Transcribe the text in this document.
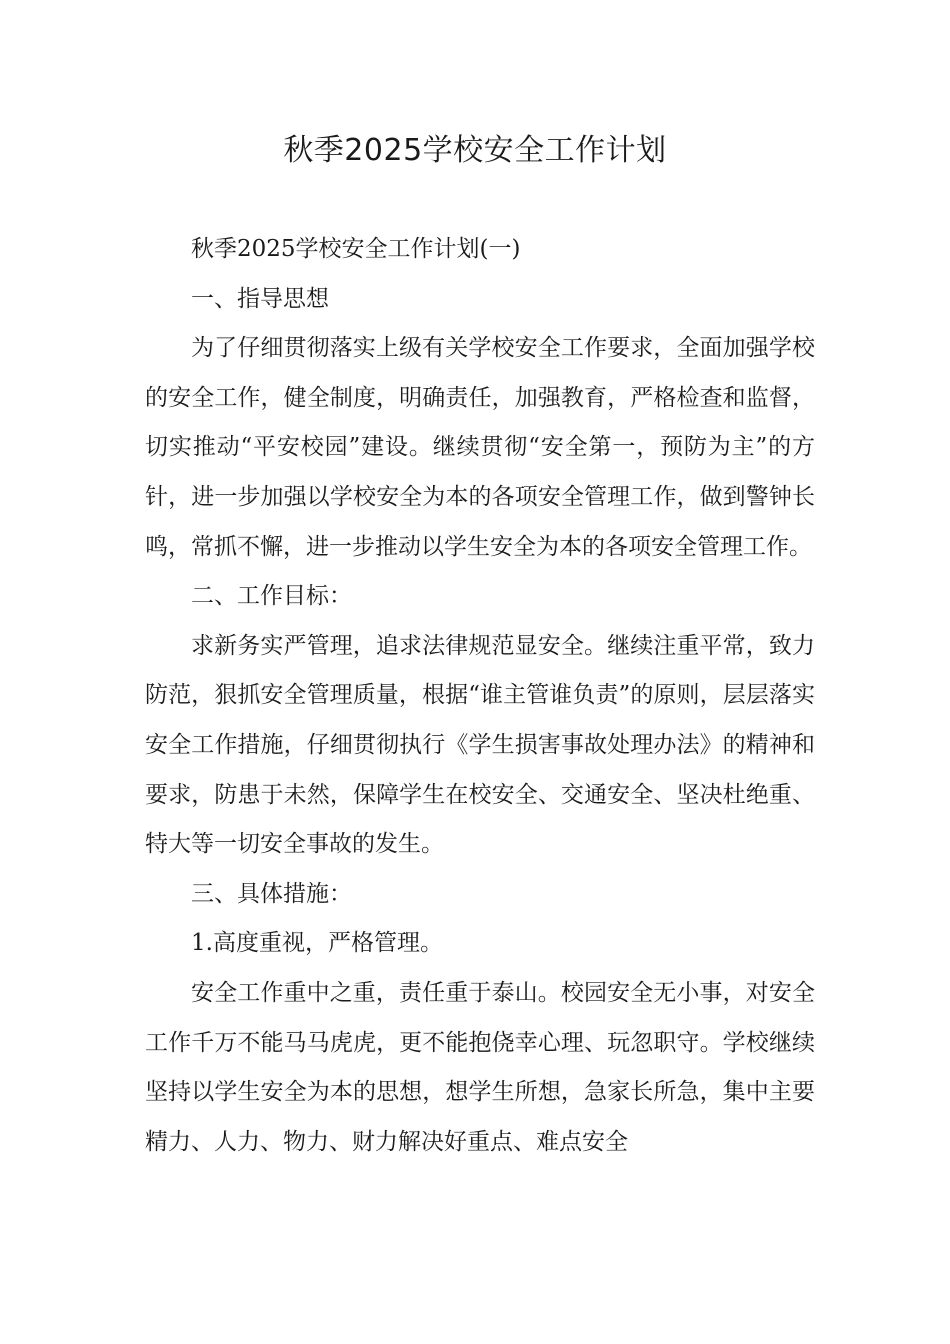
秋季2025学校安全工作计划

秋季2025学校安全工作计划(一)

一、指导思想

为了仔细贯彻落实上级有关学校安全工作要求，全面加强学校的安全工作，健全制度，明确责任，加强教育，严格检查和监督，切实推动“平安校园”建设。继续贯彻“安全第一，预防为主”的方针，进一步加强以学校安全为本的各项安全管理工作，做到警钟长鸣，常抓不懈，进一步推动以学生安全为本的各项安全管理工作。

二、工作目标：

求新务实严管理，追求法律规范显安全。继续注重平常，致力防范，狠抓安全管理质量，根据“谁主管谁负责”的原则，层层落实安全工作措施，仔细贯彻执行《学生损害事故处理办法》的精神和要求，防患于未然，保障学生在校安全、交通安全、坚决杜绝重、特大等一切安全事故的发生。

三、具体措施：

1.高度重视，严格管理。

安全工作重中之重，责任重于泰山。校园安全无小事，对安全工作千万不能马马虎虎，更不能抱侥幸心理、玩忽职守。学校继续坚持以学生安全为本的思想，想学生所想，急家长所急，集中主要精力、人力、物力、财力解决好重点、难点安全
